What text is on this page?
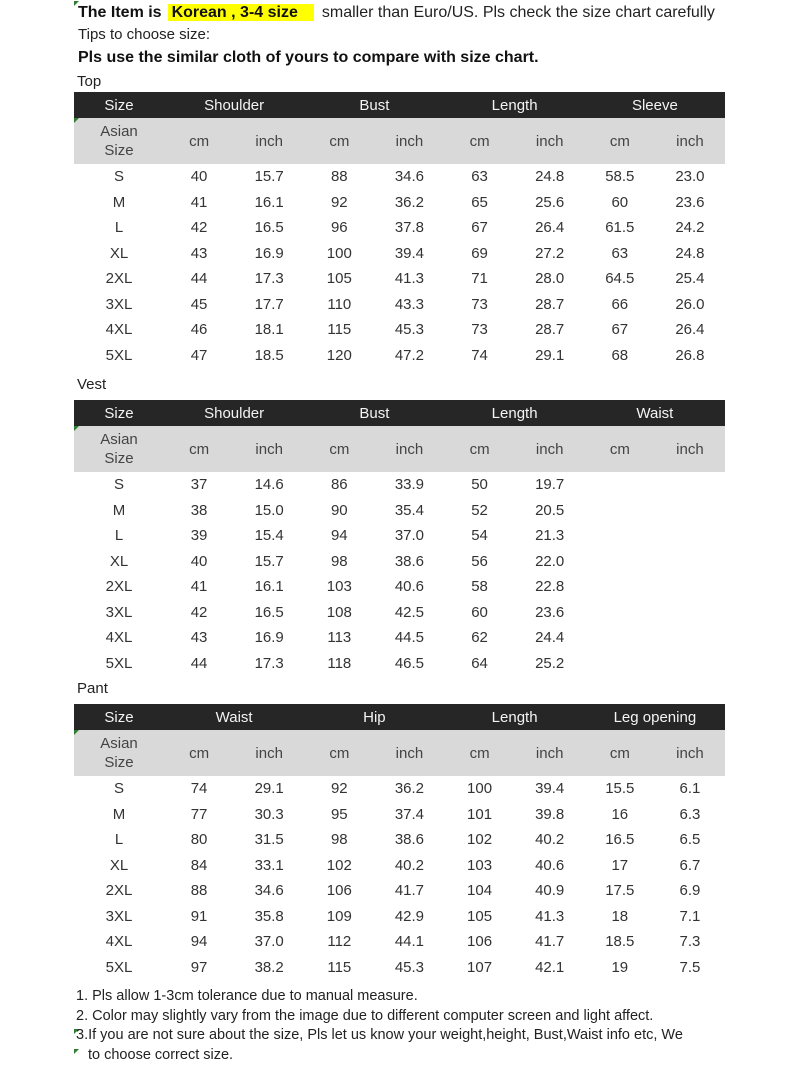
The Item is Korean , 3-4 size smaller than Euro/US. Pls check the size chart carefully
Tips to choose size:
Pls use the similar cloth of yours to compare with size chart.
Top
Size	Shoulder		Bust		Length		Sleeve	

Asian
Size	cm	inch	cm	inch	cm	inch	cm	inch
S	40	15.7	88	34.6	63	24.8	58.5	23.0
M	41	16.1	92	36.2	65	25.6	60	23.6
L	42	16.5	96	37.8	67	26.4	61.5	24.2
XL	43	16.9	100	39.4	69	27.2	63	24.8
2XL	44	17.3	105	41.3	71	28.0	64.5	25.4
3XL	45	17.7	110	43.3	73	28.7	66	26.0
4XL	46	18.1	115	45.3	73	28.7	67	26.4
5XL	47	18.5	120	47.2	74	29.1	68	26.8
Vest
Size	Shoulder		Bust		Length		Waist	

Asian
Size	cm	inch	cm	inch	cm	inch	cm	inch
S	37	14.6	86	33.9	50	19.7		
M	38	15.0	90	35.4	52	20.5		
L	39	15.4	94	37.0	54	21.3		
XL	40	15.7	98	38.6	56	22.0		
2XL	41	16.1	103	40.6	58	22.8		
3XL	42	16.5	108	42.5	60	23.6		
4XL	43	16.9	113	44.5	62	24.4		
5XL	44	17.3	118	46.5	64	25.2		
Pant
Size	Waist		Hip		Length		Leg opening	

Asian
Size	cm	inch	cm	inch	cm	inch	cm	inch
S	74	29.1	92	36.2	100	39.4	15.5	6.1
M	77	30.3	95	37.4	101	39.8	16	6.3
L	80	31.5	98	38.6	102	40.2	16.5	6.5
XL	84	33.1	102	40.2	103	40.6	17	6.7
2XL	88	34.6	106	41.7	104	40.9	17.5	6.9
3XL	91	35.8	109	42.9	105	41.3	18	7.1
4XL	94	37.0	112	44.1	106	41.7	18.5	7.3
5XL	97	38.2	115	45.3	107	42.1	19	7.5
1. Pls allow 1-3cm tolerance due to manual measure.
2. Color may slightly vary from the image due to different computer screen and light affect.
3.If you are not sure about the size, Pls let us know your weight,height, Bust,Waist info etc, We
to choose correct size.
